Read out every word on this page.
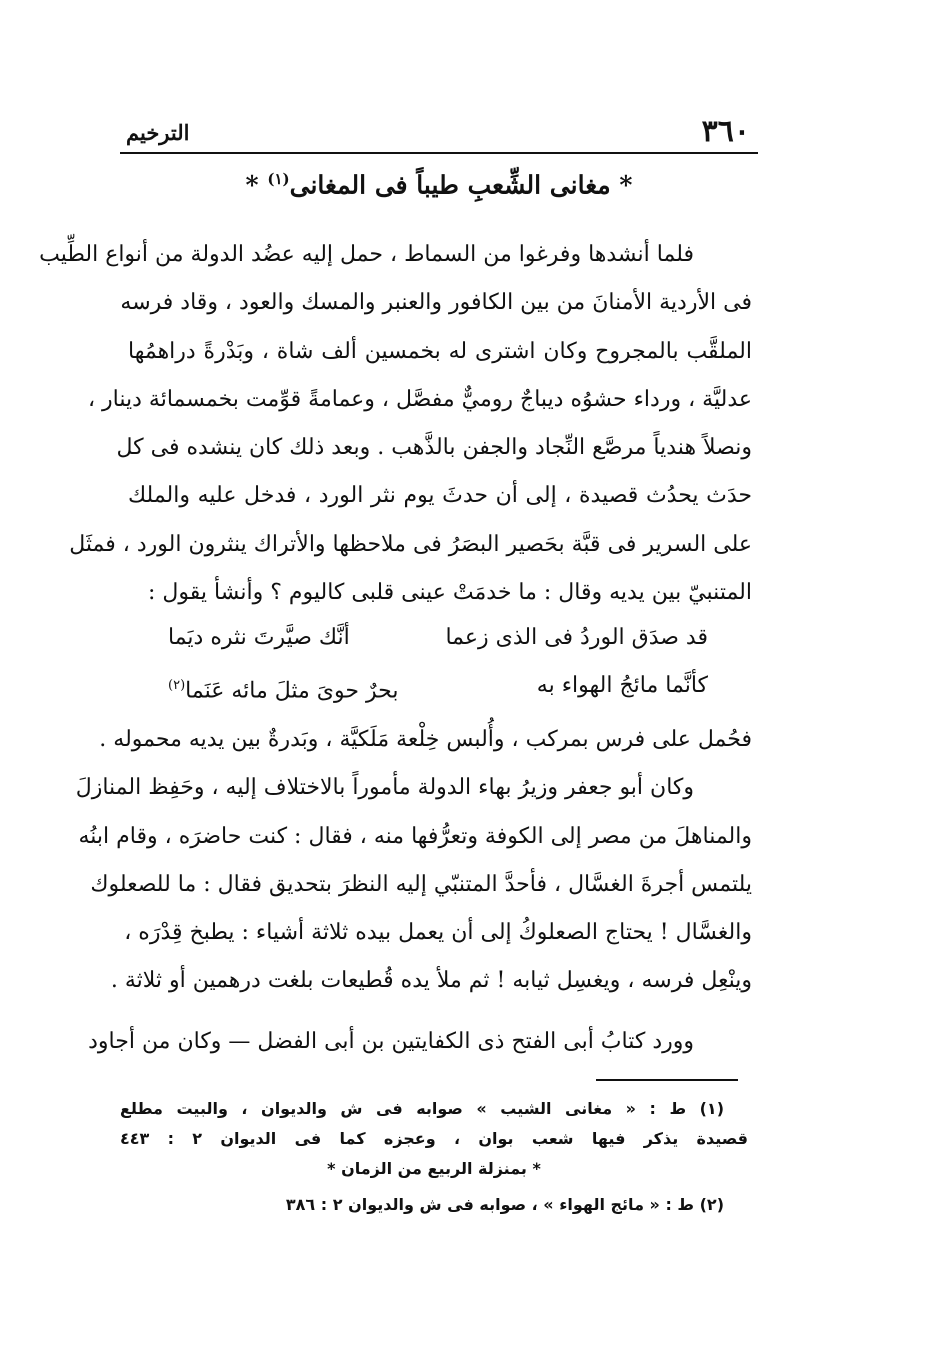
٣٦٠
الترخيم
* مغانى الشِّعبِ طيباً فى المغانى$^{(١)}$ *
فلما أنشدها وفرغوا من السماط ، حمل إليه عضُد الدولة من أنواع الطِّيب
فى الأردية الأمنانَ من بين الكافور والعنبر والمسك والعود ، وقاد فرسه
الملقَّب بالمجروح وكان اشترى له بخمسين ألف شاة ، وبَدْرةً دراهمُها
عدليَّة ، ورداء حشوُه ديباجٌ روميٌّ مفصَّل ، وعمامةً قوِّمت بخمسمائة دينار ،
ونصلاً هندياً مرصَّع النِّجاد والجفن بالذَّهب . وبعد ذلك كان ينشده فى كل
حدَث يحدُث قصيدة ، إلى أن حدثَ يوم نثر الورد ، فدخل عليه والملك
على السرير فى قبَّة بحَصير البصَرُ فى ملاحظها والأتراك ينثرون الورد ، فمثَل
المتنبيّ بين يديه وقال : ما خدمَتْ عينى قلبى كاليوم ؟ وأنشأ يقول :
قد صدَق الوردُ فى الذى زعما
أنَّك صيَّرتَ نثره ديَما
كأنَّما مائجُ الهواء به
بحرٌ حوىَ مثلَ مائه عَنَما$^{(٢)}$
فحُمل على فرس بمركب ، وأُلبس خِلْعة مَلَكيَّة ، وبَدرةٌ بين يديه محموله .
وكان أبو جعفر وزيرُ بهاء الدولة مأموراً بالاختلاف إليه ، وحَفِظ المنازلَ
والمناهلَ من مصر إلى الكوفة وتعرُّفها منه ، فقال : كنت حاضرَه ، وقام ابنُه
يلتمس أجرةَ الغسَّال ، فأحدَّ المتنبّي إليه النظرَ بتحديق فقال : ما للصعلوك
والغسَّال ! يحتاج الصعلوكُ إلى أن يعمل بيده ثلاثة أشياء : يطبخ قِدْرَه ،
وينْعِل فرسه ، ويغسِل ثيابه ! ثم ملأ يده قُطيعات بلغت درهمين أو ثلاثة .
وورد كتابُ أبى الفتح ذى الكفايتين بن أبى الفضل — وكان من أجاود
(١) ط : « مغانى الشيب » صوابه فى ش والديوان ، والبيت مطلع
قصيدة يذكر فيها شعب بوان ، وعجزه كما فى الديوان ٢ : ٤٤٣
* بمنزلة الربيع من الزمان *
(٢) ط : « مائج الهواء » ، صوابه فى ش والديوان ٢ : ٣٨٦
